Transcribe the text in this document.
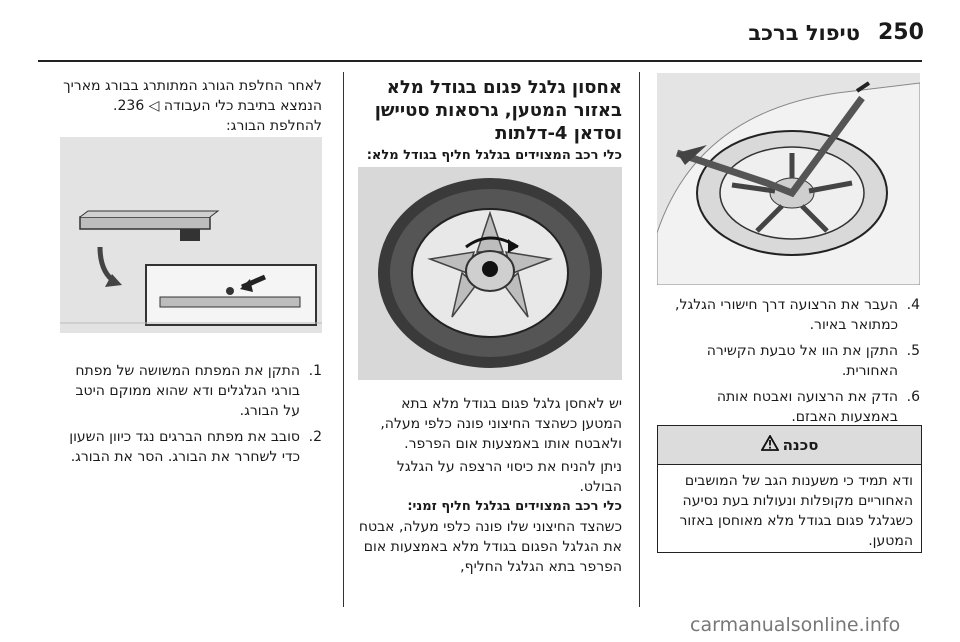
250
טיפול ברכב
4.
העבר את הרצועה דרך חישורי הגלגל, כמתואר באיור.
5.
התקן את הוו אל טבעת הקשירה האחורית.
6.
הדק את הרצועה ואבטח אותה באמצעות האבזם.
סכנה
ודא תמיד כי משענות הגב של המושבים האחוריים מקופלות ונעולות בעת נסיעה כשגלגל פגום בגודל מלא מאוחסן באזור המטען.
אחסון גלגל פגום בגודל מלא באזור המטען, גרסאות סטיישן וסדאן 4-דלתות
כלי רכב המצוידים בגלגל חליף בגודל מלא:
יש לאחסן גלגל פגום בגודל מלא בתא המטען כשהצד החיצוני פונה כלפי מעלה, ולאבטח אותו באמצעות אום הפרפר.
ניתן להניח את כיסוי הרצפה על הגלגל הבולט.
כלי רכב המצוידים בגלגל חליף זמני:
כשהצד החיצוני שלו פונה כלפי מעלה, אבטח את הגלגל הפגום בגודל מלא באמצעות אום הפרפר בתא הגלגל החליף,
לאחר החלפת הגורג המתותרג בבורג מאריך הנמצא בתיבת כלי העבודה ◁ 236. להחלפת הבורג:
1.
התקן את המפתח המשושה של מפתח בורגי הגלגלים ודא שהוא ממוקם היטב על הבורג.
2.
סובב את מפתח הברגים נגד כיוון השעון כדי לשחרר את הבורג. הסר את הבורג.
carmanualsonline.info
